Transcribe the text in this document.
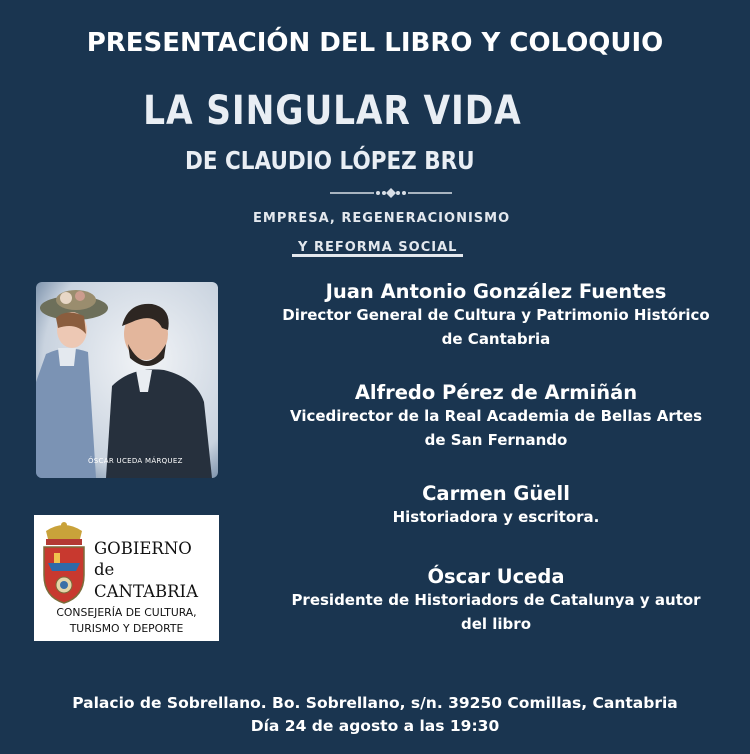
PRESENTACIÓN DEL LIBRO Y COLOQUIO
LA SINGULAR VIDA
DE CLAUDIO LÓPEZ BRU
EMPRESA, REGENERACIONISMO
Y REFORMA SOCIAL
ÓSCAR UCEDA MÁRQUEZ
GOBIERNO
de
CANTABRIA
CONSEJERÍA DE CULTURA,
TURISMO Y DEPORTE
Juan Antonio González Fuentes
Director General de Cultura y Patrimonio Histórico
de Cantabria
Alfredo Pérez de Armiñán
Vicedirector de la Real Academia de Bellas Artes
de San Fernando
Carmen Güell
Historiadora y escritora.
Óscar Uceda
Presidente de Historiadors de Catalunya y autor
del libro
Palacio de Sobrellano. Bo. Sobrellano, s/n. 39250 Comillas, Cantabria
Día 24 de agosto a las 19:30
